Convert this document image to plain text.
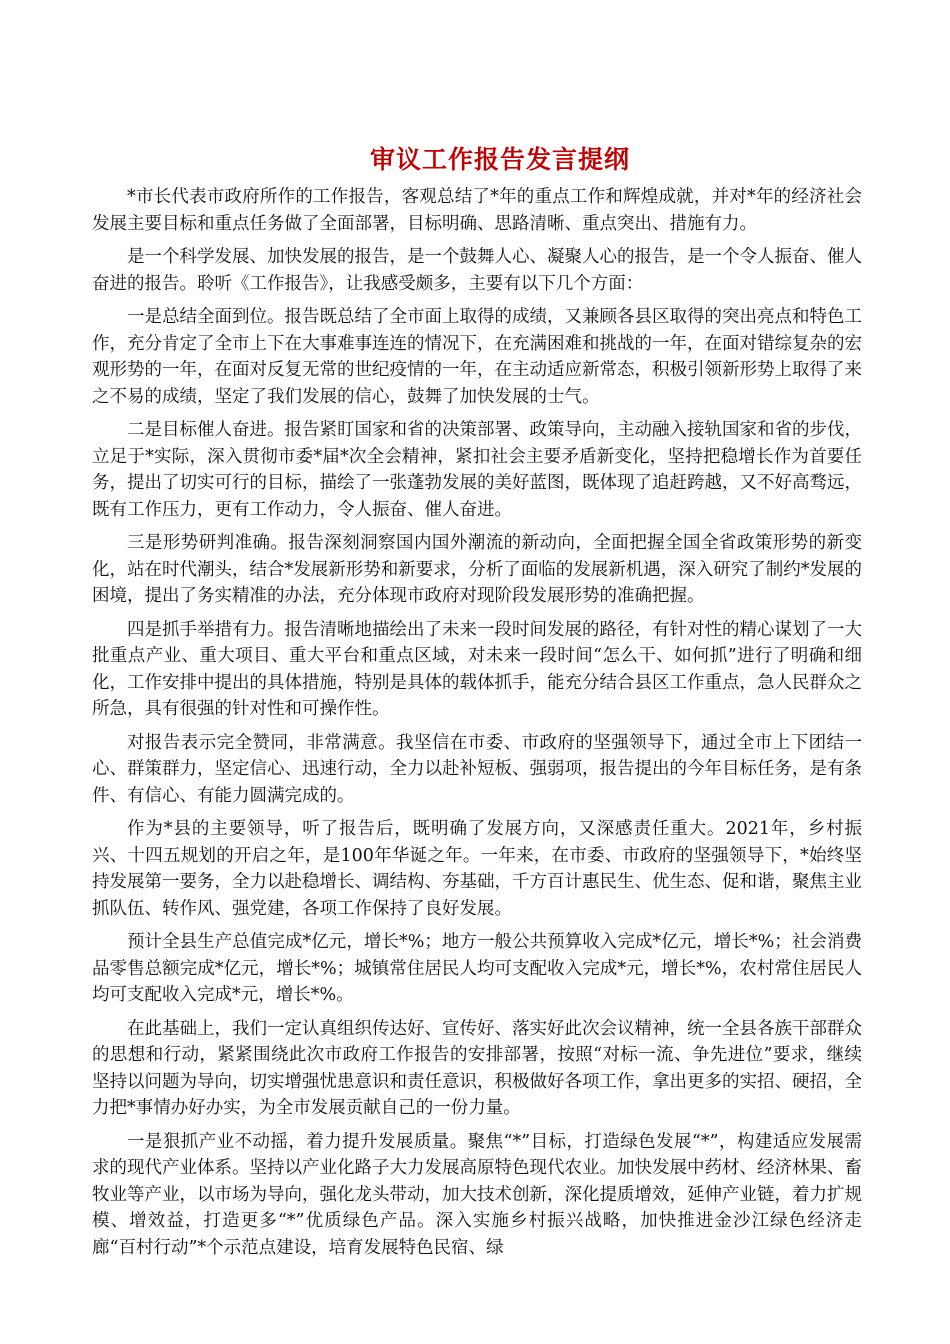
审议工作报告发言提纲

*市长代表市政府所作的工作报告，客观总结了*年的重点工作和辉煌成就，并对*年的经济社会发展主要目标和重点任务做了全面部署，目标明确、思路清晰、重点突出、措施有力。

是一个科学发展、加快发展的报告，是一个鼓舞人心、凝聚人心的报告，是一个令人振奋、催人奋进的报告。聆听《工作报告》，让我感受颇多，主要有以下几个方面：

一是总结全面到位。报告既总结了全市面上取得的成绩，又兼顾各县区取得的突出亮点和特色工作，充分肯定了全市上下在大事难事连连的情况下，在充满困难和挑战的一年，在面对错综复杂的宏观形势的一年，在面对反复无常的世纪疫情的一年，在主动适应新常态，积极引领新形势上取得了来之不易的成绩，坚定了我们发展的信心，鼓舞了加快发展的士气。

二是目标催人奋进。报告紧盯国家和省的决策部署、政策导向，主动融入接轨国家和省的步伐，立足于*实际，深入贯彻市委*届*次全会精神，紧扣社会主要矛盾新变化，坚持把稳增长作为首要任务，提出了切实可行的目标，描绘了一张蓬勃发展的美好蓝图，既体现了追赶跨越，又不好高骛远，既有工作压力，更有工作动力，令人振奋、催人奋进。

三是形势研判准确。报告深刻洞察国内国外潮流的新动向，全面把握全国全省政策形势的新变化，站在时代潮头，结合*发展新形势和新要求，分析了面临的发展新机遇，深入研究了制约*发展的困境，提出了务实精准的办法，充分体现市政府对现阶段发展形势的准确把握。

四是抓手举措有力。报告清晰地描绘出了未来一段时间发展的路径，有针对性的精心谋划了一大批重点产业、重大项目、重大平台和重点区域，对未来一段时间“怎么干、如何抓”进行了明确和细化，工作安排中提出的具体措施，特别是具体的载体抓手，能充分结合县区工作重点，急人民群众之所急，具有很强的针对性和可操作性。

对报告表示完全赞同，非常满意。我坚信在市委、市政府的坚强领导下，通过全市上下团结一心、群策群力，坚定信心、迅速行动，全力以赴补短板、强弱项，报告提出的今年目标任务，是有条件、有信心、有能力圆满完成的。

作为*县的主要领导，听了报告后，既明确了发展方向，又深感责任重大。2021年，乡村振兴、十四五规划的开启之年，是100年华诞之年。一年来，在市委、市政府的坚强领导下，*始终坚持发展第一要务，全力以赴稳增长、调结构、夯基础，千方百计惠民生、优生态、促和谐，聚焦主业抓队伍、转作风、强党建，各项工作保持了良好发展。

预计全县生产总值完成*亿元，增长*%；地方一般公共预算收入完成*亿元，增长*%；社会消费品零售总额完成*亿元，增长*%；城镇常住居民人均可支配收入完成*元，增长*%，农村常住居民人均可支配收入完成*元，增长*%。

在此基础上，我们一定认真组织传达好、宣传好、落实好此次会议精神，统一全县各族干部群众的思想和行动，紧紧围绕此次市政府工作报告的安排部署，按照“对标一流、争先进位”要求，继续坚持以问题为导向，切实增强忧患意识和责任意识，积极做好各项工作，拿出更多的实招、硬招，全力把*事情办好办实，为全市发展贡献自己的一份力量。

一是狠抓产业不动摇，着力提升发展质量。聚焦“*”目标，打造绿色发展“*”，构建适应发展需求的现代产业体系。坚持以产业化路子大力发展高原特色现代农业。加快发展中药材、经济林果、畜牧业等产业，以市场为导向，强化龙头带动，加大技术创新，深化提质增效，延伸产业链，着力扩规模、增效益，打造更多“*”优质绿色产品。深入实施乡村振兴战略，加快推进金沙江绿色经济走廊“百村行动”*个示范点建设，培育发展特色民宿、绿
